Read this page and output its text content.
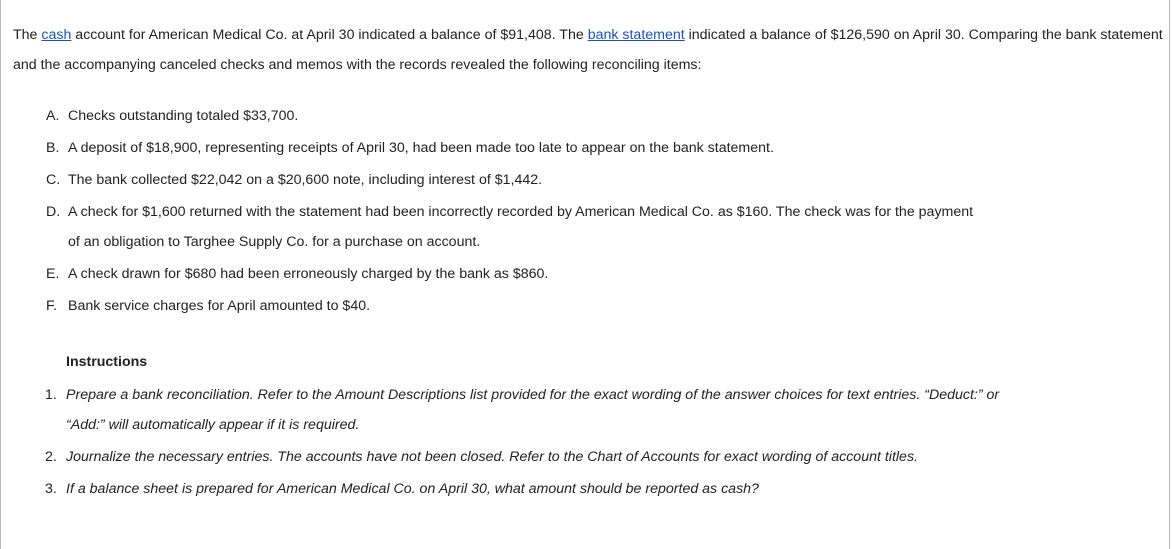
The cash account for American Medical Co. at April 30 indicated a balance of $91,408. The bank statement indicated a balance of $126,590 on April 30. Comparing the bank statement and the accompanying canceled checks and memos with the records revealed the following reconciling items:
A. Checks outstanding totaled $33,700.
B. A deposit of $18,900, representing receipts of April 30, had been made too late to appear on the bank statement.
C. The bank collected $22,042 on a $20,600 note, including interest of $1,442.
D. A check for $1,600 returned with the statement had been incorrectly recorded by American Medical Co. as $160. The check was for the payment of an obligation to Targhee Supply Co. for a purchase on account.
E. A check drawn for $680 had been erroneously charged by the bank as $860.
F. Bank service charges for April amounted to $40.
Instructions
1. Prepare a bank reconciliation. Refer to the Amount Descriptions list provided for the exact wording of the answer choices for text entries. “Deduct:” or “Add:” will automatically appear if it is required.
2. Journalize the necessary entries. The accounts have not been closed. Refer to the Chart of Accounts for exact wording of account titles.
3. If a balance sheet is prepared for American Medical Co. on April 30, what amount should be reported as cash?
